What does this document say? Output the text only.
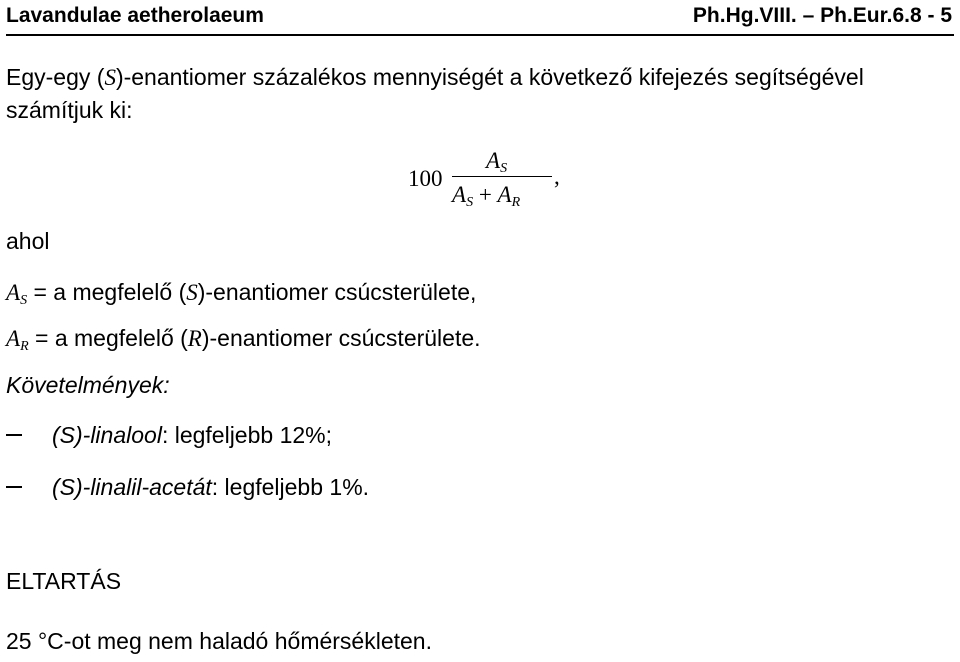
Lavandulae aetherolaeum	Ph.Hg.VIII. – Ph.Eur.6.8 - 5
Egy-egy (S)-enantiomer százalékos mennyiségét a következő kifejezés segítségével
számítjuk ki:
100
$A_S$
$A_S + A_R$
,
ahol
$A_S = a$ megfelelő (S)-enantiomer csúcsterülete,
$A_R = a$ megfelelő (R)-enantiomer csúcsterülete.
Követelmények:
(S)-linalool: legfeljebb 12%;
(S)-linalil-acetát: legfeljebb 1%.
ELTARTÁS
25 °C-ot meg nem haladó hőmérsékleten.
